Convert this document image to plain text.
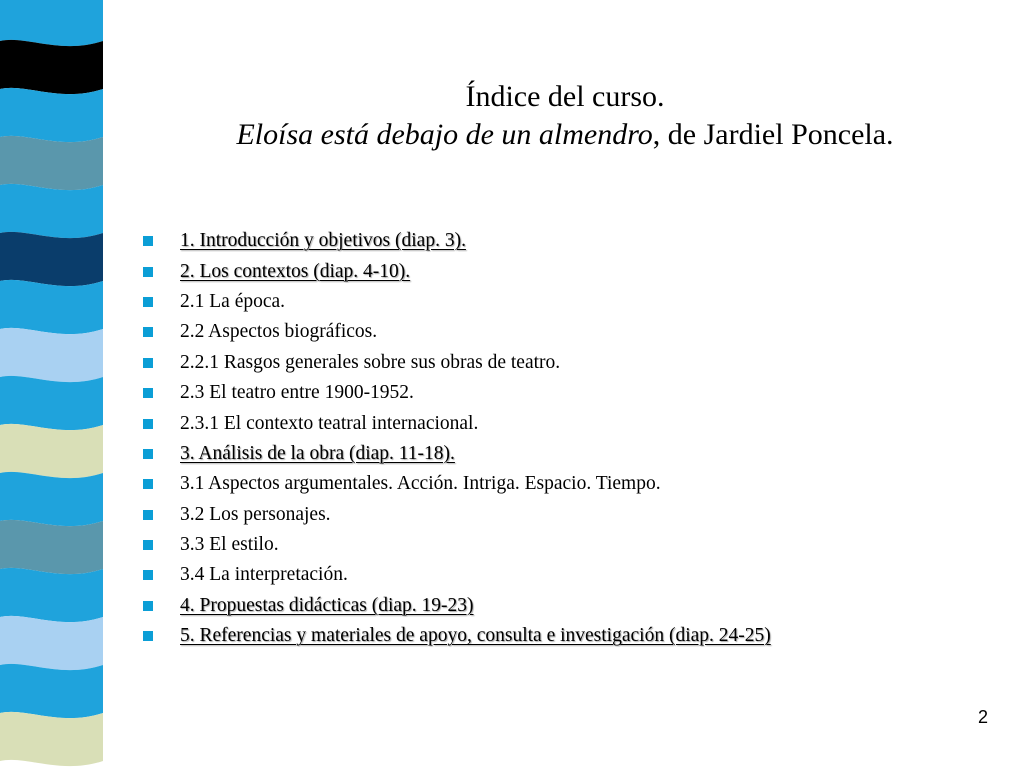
Índice del curso.
Eloísa está debajo de un almendro, de Jardiel Poncela.
1. Introducción y objetivos (diap. 3).
2. Los contextos (diap. 4-10).
2.1 La época.
2.2 Aspectos biográficos.
2.2.1 Rasgos generales sobre sus obras de teatro.
2.3 El teatro entre 1900-1952.
2.3.1 El contexto teatral internacional.
3. Análisis de la obra (diap. 11-18).
3.1 Aspectos argumentales. Acción. Intriga. Espacio. Tiempo.
3.2 Los personajes.
3.3 El estilo.
3.4 La interpretación.
4. Propuestas didácticas (diap. 19-23)
5. Referencias y materiales de apoyo, consulta e investigación (diap. 24-25)
2
